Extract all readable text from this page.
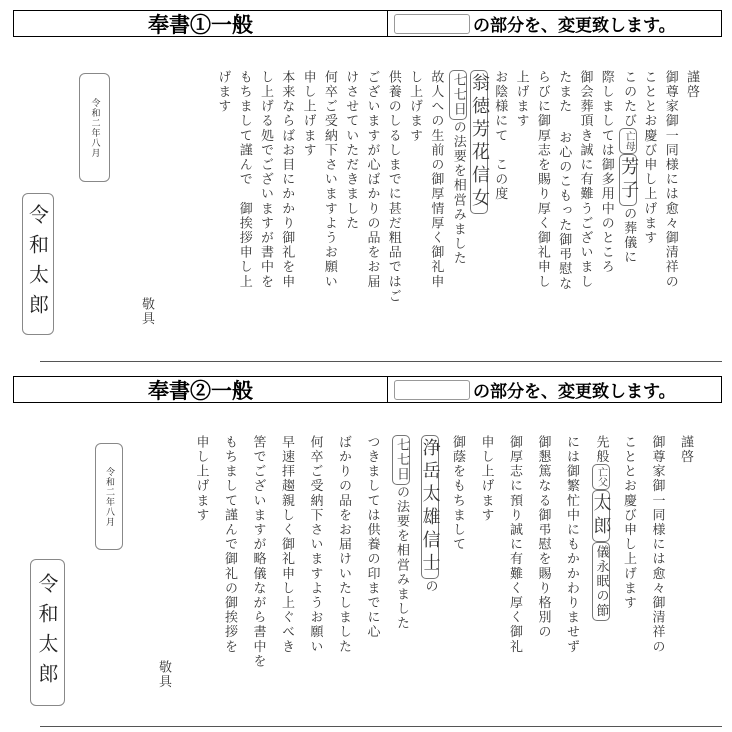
奉書①一般	の部分を、変更致します。
謹啓
御尊家御一同様には愈々御清祥の
こととお慶び申し上げます
このたび亡母芳子の葬儀に
際しましては御多用中のところ
御会葬頂き誠に有難うございまし
たまた お心のこもった御弔慰な
らびに御厚志を賜り厚く御礼申し
上げます
お陰様にて　この度
翁徳芳花信女
七七日の法要を相営みました
故人への生前の御厚情厚く御礼申
し上げます
供養のしるしまでに甚だ粗品ではご
ございますが心ばかりの品をお届
けさせていただきました
何卒ご受納下さいますようお願い
申し上げます
本来ならばお目にかかり御礼を申
し上げる処でございますが書中を
もちまして謹んで　御挨拶申し上
げます
敬具
令和二年八月
令和太郎
奉書②一般	の部分を、変更致します。
謹啓
御尊家御一同様には愈々御清祥の
こととお慶び申し上げます
先般亡父太郎儀永眠の節
には御繁忙中にもかかわりませず
御懇篤なる御弔慰を賜り格別の
御厚志に預り誠に有難く厚く御礼
申し上げます
御蔭をもちまして
浄岳太雄信士の
七七日の法要を相営みました
つきましては供養の印までに心
ばかりの品をお届けいたしました
何卒ご受納下さいますようお願い
早速拝趨親しく御礼申し上ぐべき
筈でございますが略儀ながら書中を
もちまして謹んで御礼の御挨拶を
申し上げます
敬具
令和二年八月
令和太郎
